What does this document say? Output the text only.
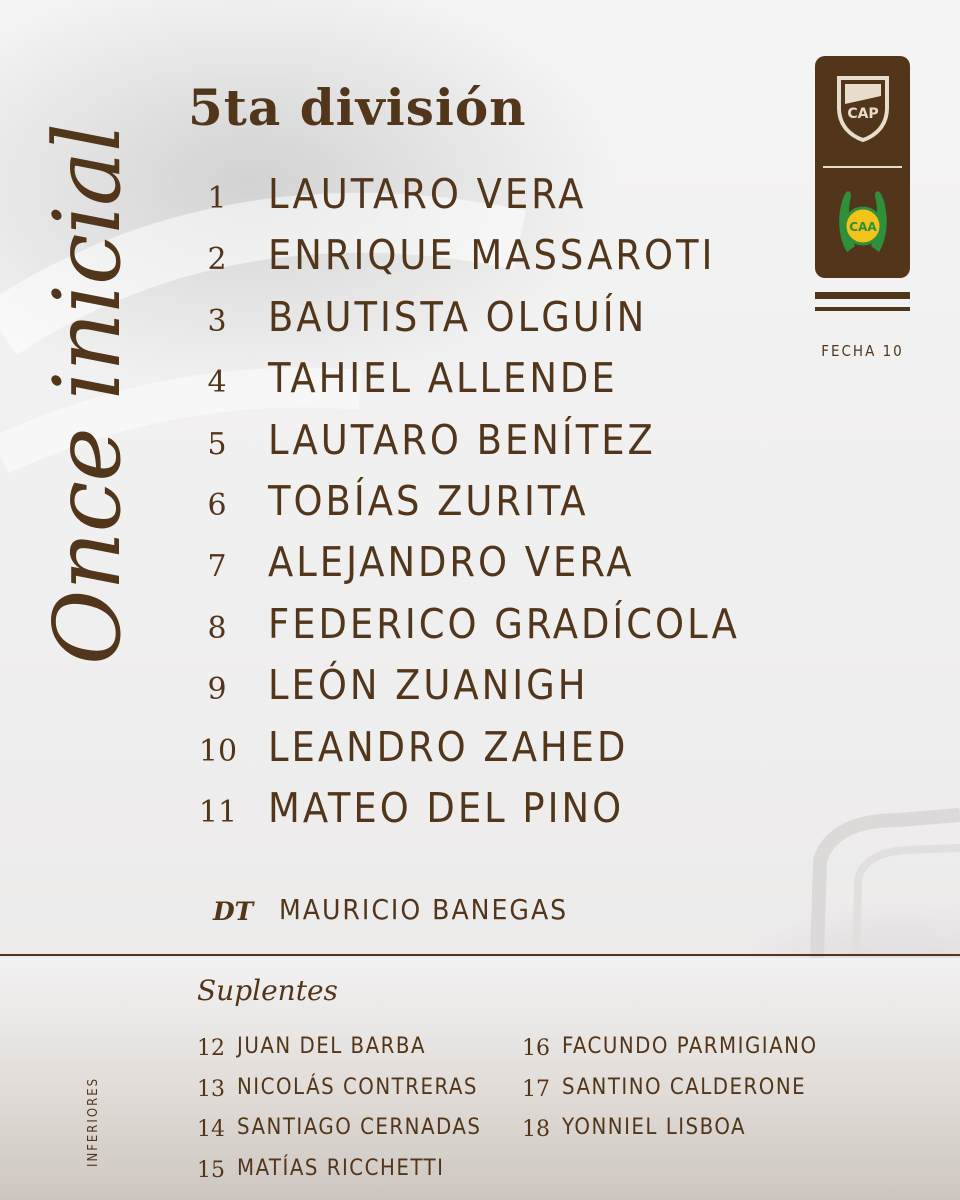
5ta división
Once inicial 1 LAUTARO VERA
2 ENRIQUE MASSAROTI
3 BAUTISTA OLGUÍN
4 TAHIEL ALLENDE
5 LAUTARO BENÍTEZ
6 TOBÍAS ZURITA
7 ALEJANDRO VERA
8 FEDERICO GRADÍCOLA
9 LEÓN ZUANIGH
10 LEANDRO ZAHED
11 MATEO DEL PINO
DT MAURICIO BANEGAS
Suplentes
INFERIORES
12 JUAN DEL BARBA
13 NICOLÁS CONTRERAS
14 SANTIAGO CERNADAS
15 MATÍAS RICCHETTI
16 FACUNDO PARMIGIANO
17 SANTINO CALDERONE
18 YONNIEL LISBOA
CAP
CAA
FECHA 10
